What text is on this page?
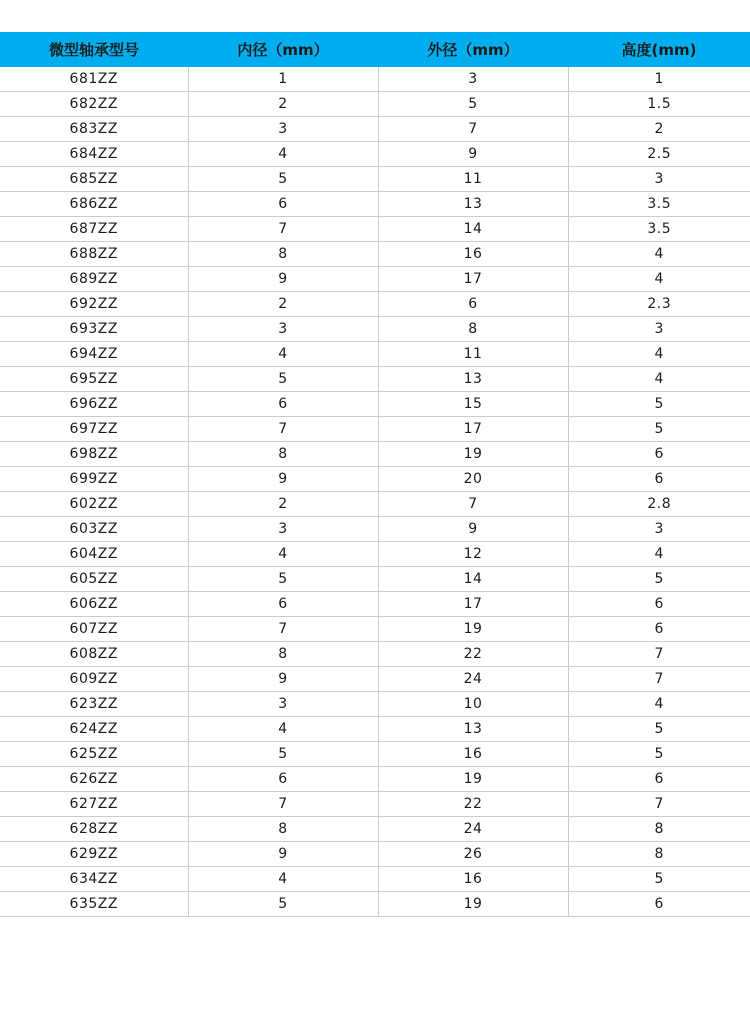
微型轴承型号	内径（mm）	外径（mm）	高度(mm)
681ZZ	1	3	1
682ZZ	2	5	1.5
683ZZ	3	7	2
684ZZ	4	9	2.5
685ZZ	5	11	3
686ZZ	6	13	3.5
687ZZ	7	14	3.5
688ZZ	8	16	4
689ZZ	9	17	4
692ZZ	2	6	2.3
693ZZ	3	8	3
694ZZ	4	11	4
695ZZ	5	13	4
696ZZ	6	15	5
697ZZ	7	17	5
698ZZ	8	19	6
699ZZ	9	20	6
602ZZ	2	7	2.8
603ZZ	3	9	3
604ZZ	4	12	4
605ZZ	5	14	5
606ZZ	6	17	6
607ZZ	7	19	6
608ZZ	8	22	7
609ZZ	9	24	7
623ZZ	3	10	4
624ZZ	4	13	5
625ZZ	5	16	5
626ZZ	6	19	6
627ZZ	7	22	7
628ZZ	8	24	8
629ZZ	9	26	8
634ZZ	4	16	5
635ZZ	5	19	6
